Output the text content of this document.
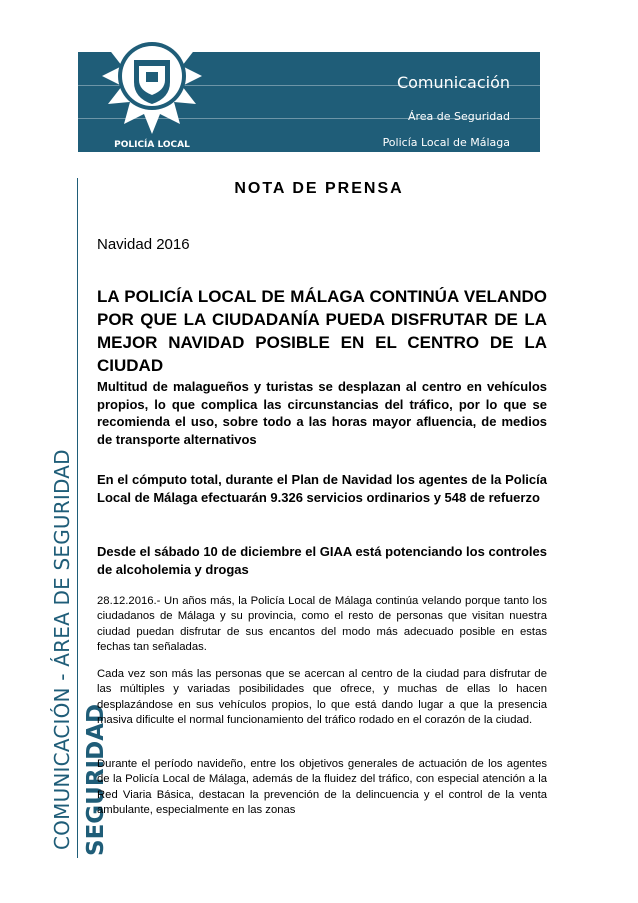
POLICÍA LOCAL
Comunicación
Área de Seguridad
Policía Local de Málaga
COMUNICACIÓN - ÁREA DE SEGURIDAD SEGURIDAD
NOTA DE PRENSA
Navidad 2016
LA POLICÍA LOCAL DE MÁLAGA CONTINÚA VELANDO POR QUE LA CIUDADANÍA PUEDA DISFRUTAR DE LA MEJOR NAVIDAD POSIBLE EN EL CENTRO DE LA CIUDAD
Multitud de malagueños y turistas se desplazan al centro en vehículos propios, lo que complica las circunstancias del tráfico, por lo que se recomienda el uso, sobre todo a las horas mayor afluencia, de medios de transporte alternativos
En el cómputo total, durante el Plan de Navidad los agentes de la Policía Local de Málaga efectuarán 9.326 servicios ordinarios y 548 de refuerzo
Desde el sábado 10 de diciembre el GIAA está potenciando los controles de alcoholemia y drogas
28.12.2016.- Un años más, la Policía Local de Málaga continúa velando porque tanto los ciudadanos de Málaga y su provincia, como el resto de personas que visitan nuestra ciudad puedan disfrutar de sus encantos del modo más adecuado posible en estas fechas tan señaladas.
Cada vez son más las personas que se acercan al centro de la ciudad para disfrutar de las múltiples y variadas posibilidades que ofrece, y muchas de ellas lo hacen desplazándose en sus vehículos propios, lo que está dando lugar a que la presencia masiva dificulte el normal funcionamiento del tráfico rodado en el corazón de la ciudad.
Durante el período navideño, entre los objetivos generales de actuación de los agentes de la Policía Local de Málaga, además de la fluidez del tráfico, con especial atención a la Red Viaria Básica, destacan la prevención de la delincuencia y el control de la venta ambulante, especialmente en las zonas
